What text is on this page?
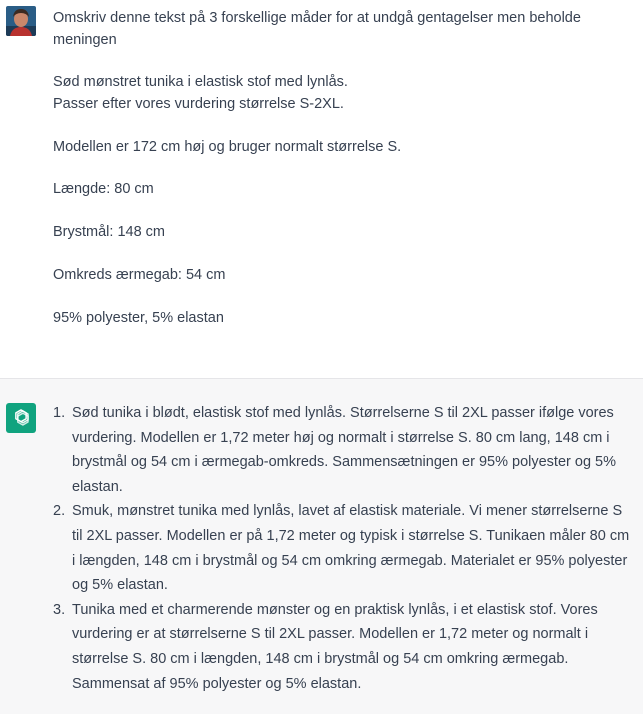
Omskriv denne tekst på 3 forskellige måder for at undgå gentagelser men beholde meningen

Sød mønstret tunika i elastisk stof med lynlås.

Passer efter vores vurdering størrelse S-2XL.

Modellen er 172 cm høj og bruger normalt størrelse S.

Længde: 80 cm

Brystmål: 148 cm

Omkreds ærmegab: 54 cm

95% polyester, 5% elastan

1. Sød tunika i blødt, elastisk stof med lynlås. Størrelserne S til 2XL passer ifølge vores vurdering. Modellen er 1,72 meter høj og normalt i størrelse S. 80 cm lang, 148 cm i brystmål og 54 cm i ærmegab-omkreds. Sammensætningen er 95% polyester og 5% elastan.
2. Smuk, mønstret tunika med lynlås, lavet af elastisk materiale. Vi mener størrelserne S til 2XL passer. Modellen er på 1,72 meter og typisk i størrelse S. Tunikaen måler 80 cm i længden, 148 cm i brystmål og 54 cm omkring ærmegab. Materialet er 95% polyester og 5% elastan.
3. Tunika med et charmerende mønster og en praktisk lynlås, i et elastisk stof. Vores vurdering er at størrelserne S til 2XL passer. Modellen er 1,72 meter og normalt i størrelse S. 80 cm i længden, 148 cm i brystmål og 54 cm omkring ærmegab. Sammensat af 95% polyester og 5% elastan.
